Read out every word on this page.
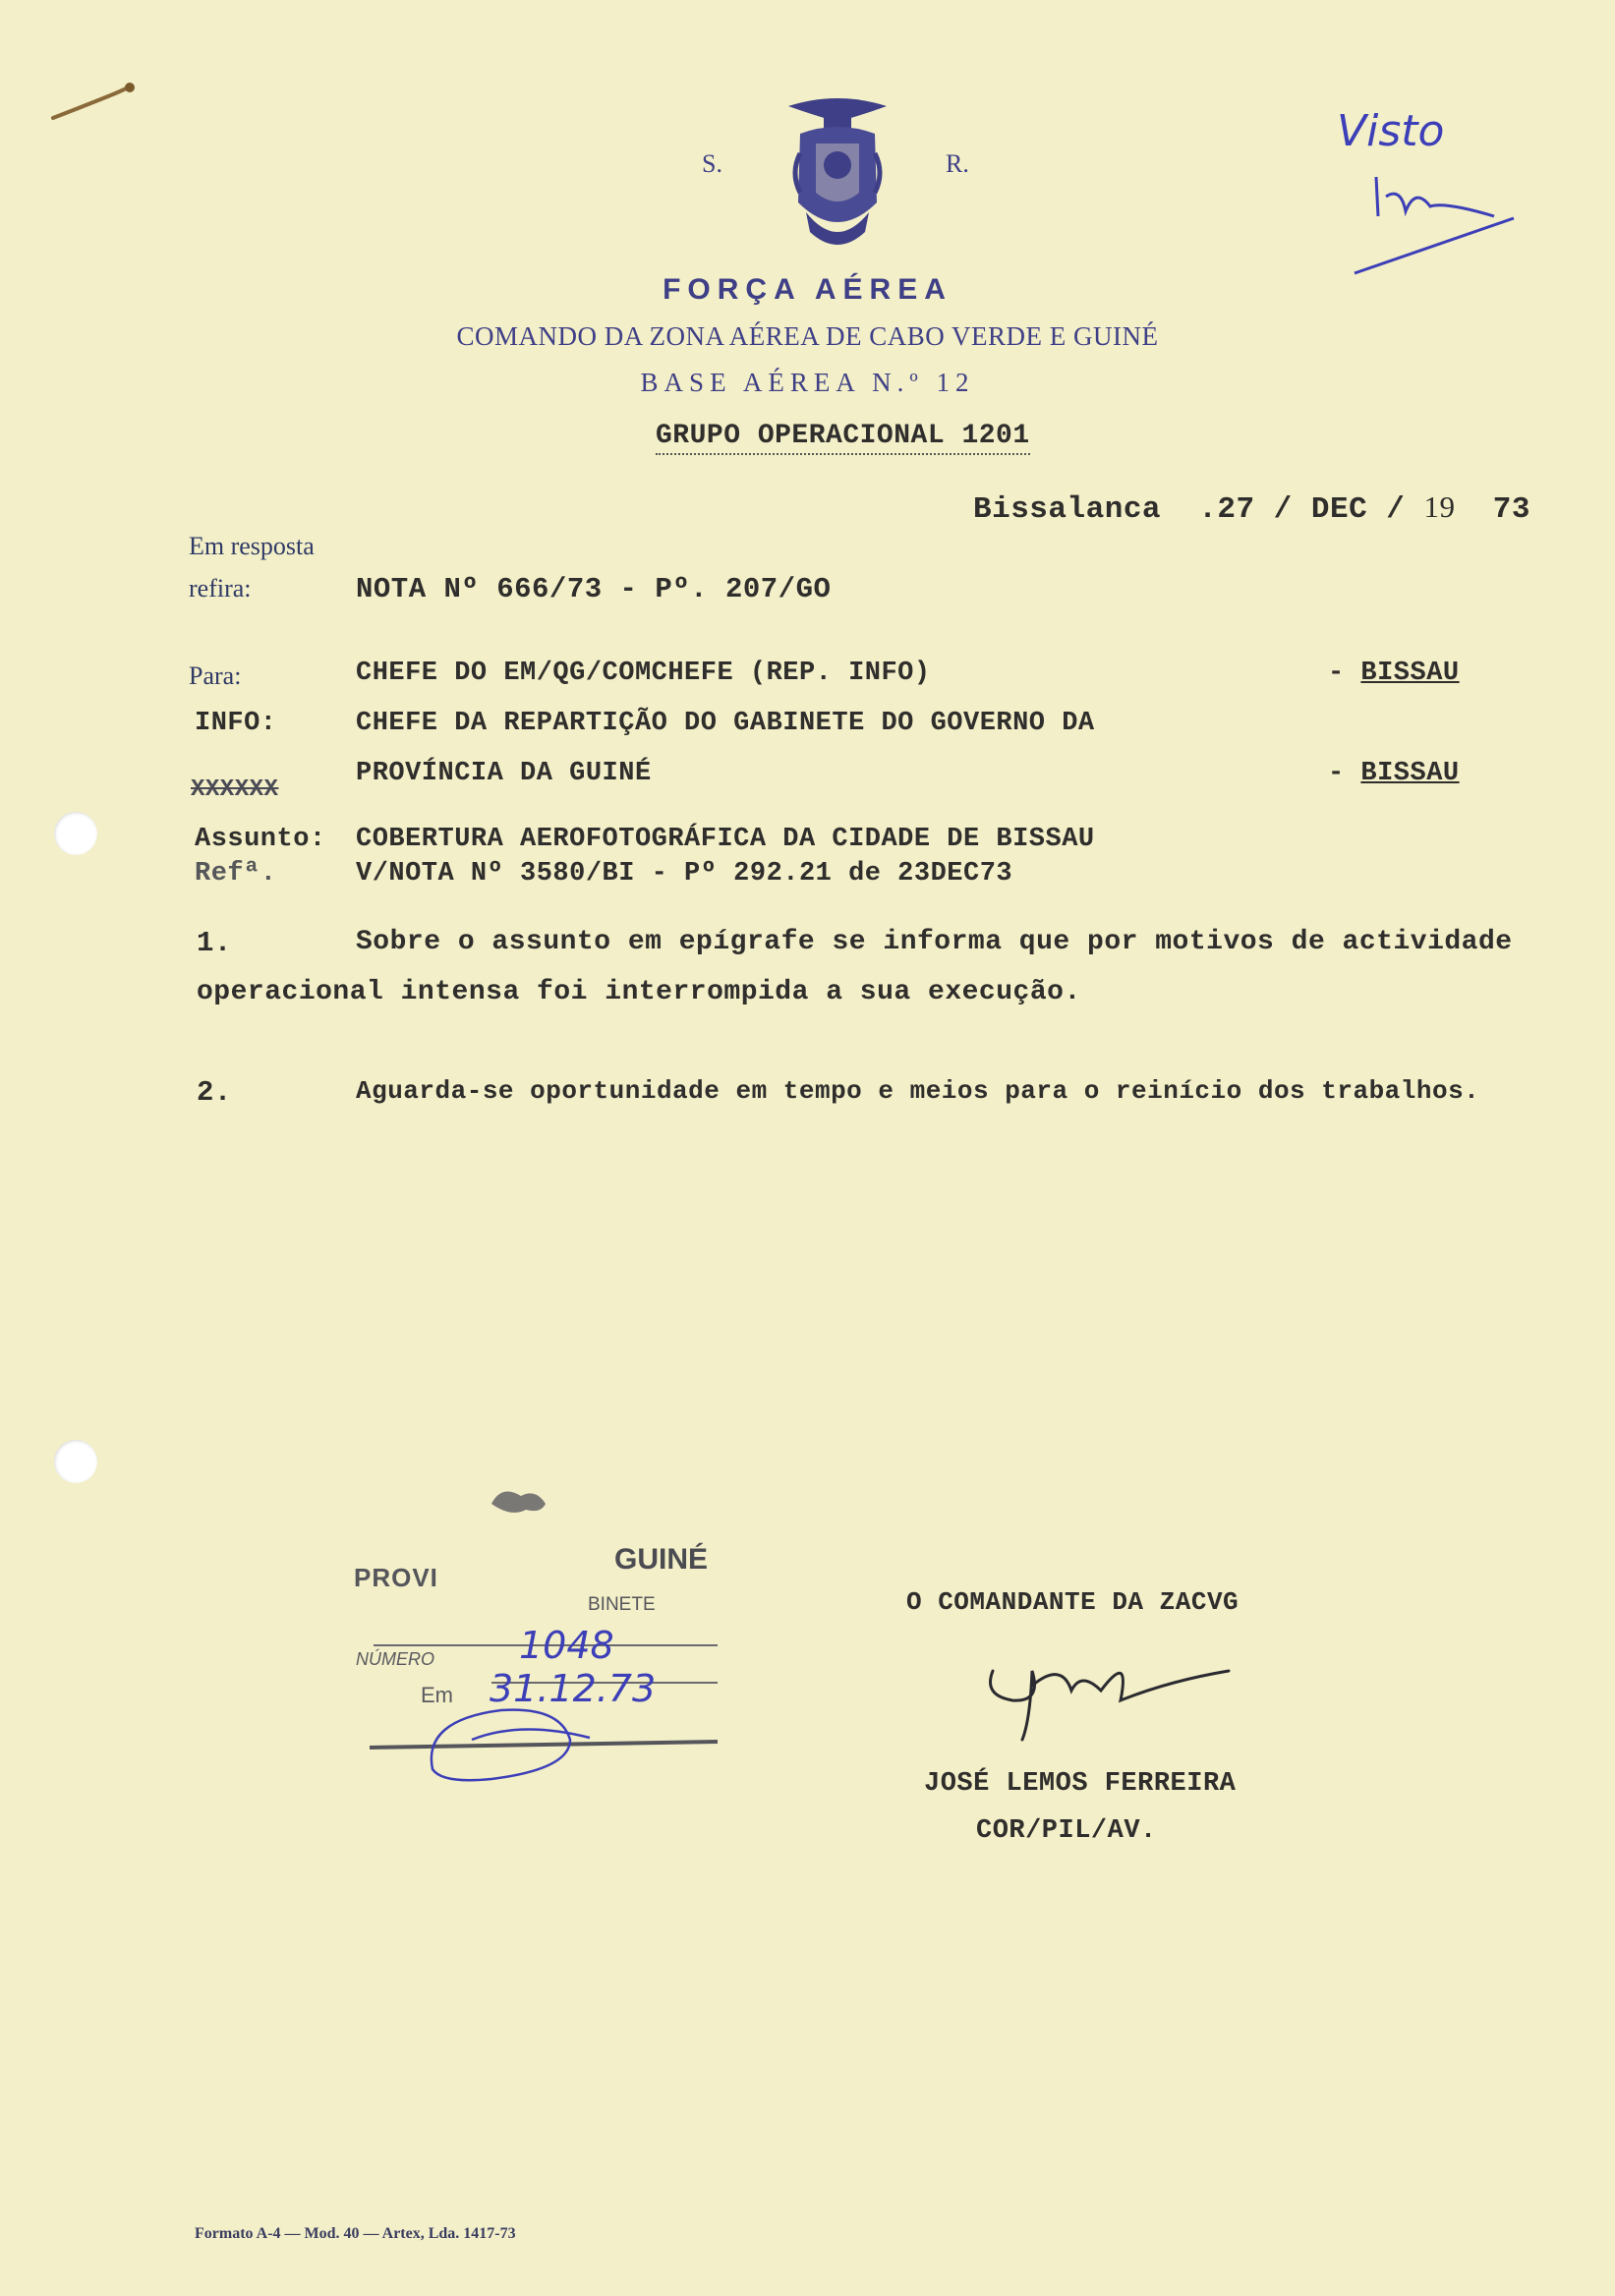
S.	R.
FORÇA AÉREA
COMANDO DA ZONA AÉREA DE CABO VERDE E GUINÉ
BASE AÉREA N.º 12
GRUPO OPERACIONAL 1201
Visto
Bissalanca .27 / DEC / 19 73
Em resposta
refira:	NOTA Nº 666/73 - Pº. 207/GO
Para:	CHEFE DO EM/QG/COMCHEFE (REP. INFO)	- BISSAU
INFO:	CHEFE DA REPARTIÇÃO DO GABINETE DO GOVERNO DA
PROVÍNCIA DA GUINÉ	- BISSAU
XXXXXX
Assunto: COBERTURA AEROFOTOGRÁFICA DA CIDADE DE BISSAU
Refª.	V/NOTA Nº 3580/BI - Pº 292.21 de 23DEC73
1.	Sobre o assunto em epígrafe se informa que por motivos de actividade
operacional intensa foi interrompida a sua execução.
2.	Aguarda-se oportunidade em tempo e meios para o reinício dos trabalhos.
PROVI
GUINÉ
BINETE
NÚMERO
Em
1048
31.12.73
O COMANDANTE DA ZACVG
JOSÉ LEMOS FERREIRA
COR/PIL/AV.
Formato A-4 — Mod. 40 — Artex, Lda. 1417-73
